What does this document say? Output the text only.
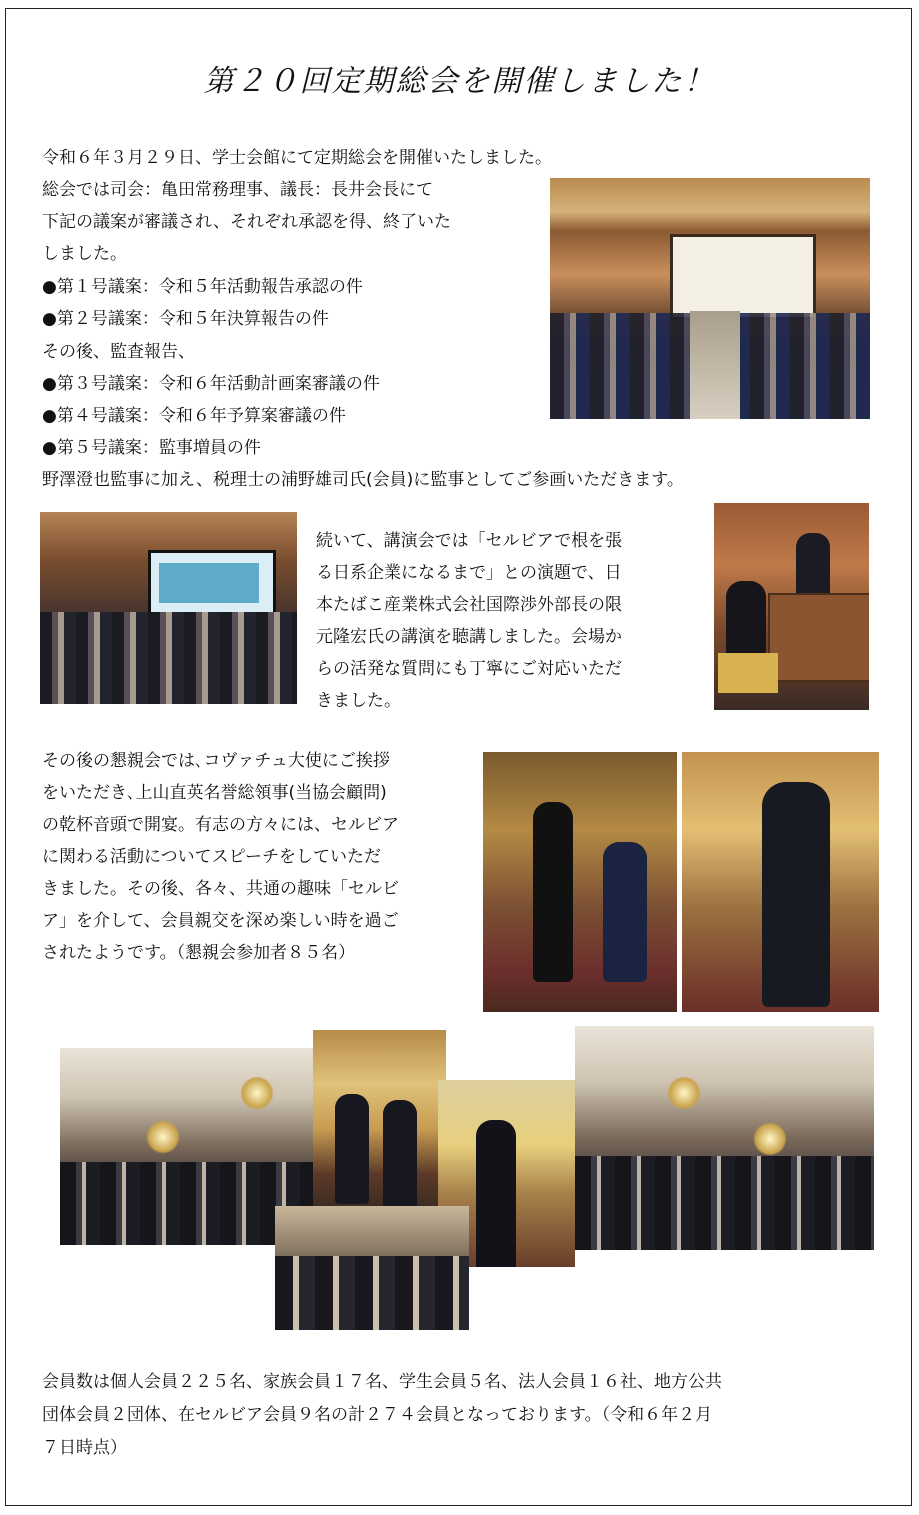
第２０回定期総会を開催しました！
令和６年３月２９日、学士会館にて定期総会を開催いたしました。
総会では司会：亀田常務理事、議長：長井会長にて
下記の議案が審議され、それぞれ承認を得、終了いた
しました。
●第１号議案：令和５年活動報告承認の件
●第２号議案：令和５年決算報告の件
その後、監査報告、
●第３号議案：令和６年活動計画案審議の件
●第４号議案：令和６年予算案審議の件
●第５号議案：監事増員の件
野澤澄也監事に加え、税理士の浦野雄司氏(会員)に監事としてご参画いただきます。
続いて、講演会では「セルビアで根を張
る日系企業になるまで」との演題で、日
本たばこ産業株式会社国際渉外部長の限
元隆宏氏の講演を聴講しました。会場か
らの活発な質問にも丁寧にご対応いただ
きました。
その後の懇親会では､コヴァチュ大使にご挨拶
をいただき､上山直英名誉総領事(当協会顧問)
の乾杯音頭で開宴。有志の方々には、セルビア
に関わる活動についてスピーチをしていただ
きました。その後、各々、共通の趣味「セルビ
ア」を介して、会員親交を深め楽しい時を過ご
されたようです。（懇親会参加者８５名）
会員数は個人会員２２５名、家族会員１７名、学生会員５名、法人会員１６社、地方公共
団体会員２団体、在セルビア会員９名の計２７４会員となっております。（令和６年２月
７日時点）
